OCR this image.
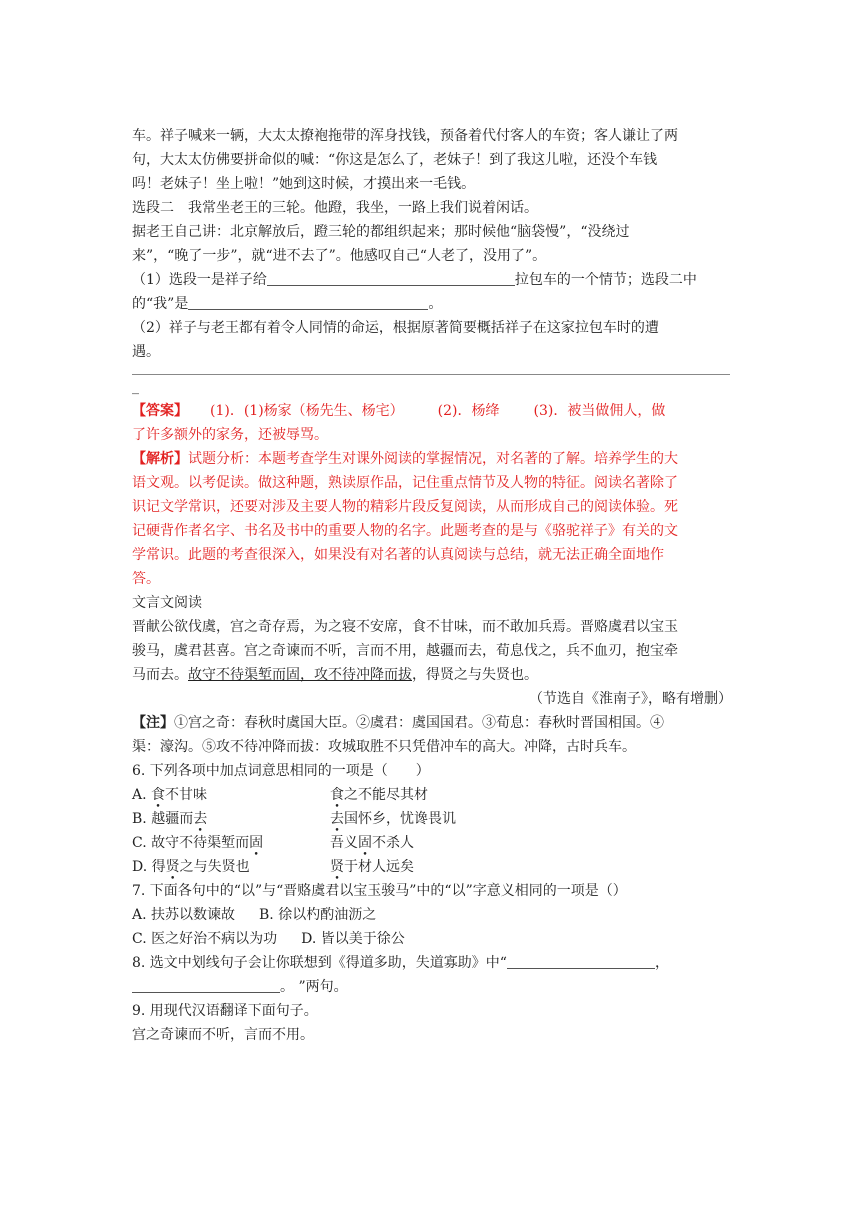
车。祥子喊来一辆，大太太撩袍拖带的浑身找钱，预备着代付客人的车资；客人谦让了两
句，大太太仿佛要拼命似的喊：“你这是怎么了，老妹子！到了我这儿啦，还没个车钱
吗！老妹子！坐上啦！”她到这时候，才摸出来一毛钱。
选段二　我常坐老王的三轮。他蹬，我坐，一路上我们说着闲话。
据老王自己讲：北京解放后，蹬三轮的都组织起来；那时候他“脑袋慢”，“没绕过
来”，“晚了一步”，就“进不去了”。他感叹自己“人老了，没用了”。
（1）选段一是祥子给	拉包车的一个情节；选段二中
的“我”是	。
（2）祥子与老王都有着令人同情的命运，根据原著简要概括祥子在这家拉包车时的遭
遇。
_
【答案】 (1)．(1)杨家（杨先生、杨宅） (2)．杨绛 (3)．被当做佣人，做
了许多额外的家务，还被辱骂。
【解析】试题分析：本题考查学生对课外阅读的掌握情况，对名著的了解。培养学生的大
语文观。以考促读。做这种题，熟读原作品，记住重点情节及人物的特征。阅读名著除了
识记文学常识，还要对涉及主要人物的精彩片段反复阅读，从而形成自己的阅读体验。死
记硬背作者名字、书名及书中的重要人物的名字。此题考查的是与《骆驼祥子》有关的文
学常识。此题的考查很深入，如果没有对名著的认真阅读与总结，就无法正确全面地作
答。
文言文阅读
晋献公欲伐虞，宫之奇存焉，为之寝不安席，食不甘味，而不敢加兵焉。晋赂虞君以宝玉
骏马，虞君甚喜。宫之奇谏而不听，言而不用，越疆而去，荀息伐之，兵不血刃，抱宝牵
马而去。故守不待渠堑而固，攻不待冲降而拔，得贤之与失贤也。
（节选自《淮南子》，略有增删）
【注】①宫之奇：春秋时虞国大臣。②虞君：虞国国君。③荀息：春秋时晋国相国。④
渠：濠沟。⑤攻不待冲降而拔：攻城取胜不只凭借冲车的高大。冲降，古时兵车。
6. 下列各项中加点词意思相同的一项是（　　）
A. 食不甘味	食之不能尽其材
B. 越疆而去	去国怀乡，忧谗畏讥
C. 故守不待渠堑而固	吾义固不杀人
D. 得贤之与失贤也	贤于材人远矣
7. 下面各句中的“以”与“晋赂虞君以宝玉骏马”中的“以”字意义相同的一项是（）
A. 扶苏以数谏故 B. 徐以杓酌油沥之
C. 医之好治不病以为功 D. 皆以美于徐公
8. 选文中划线句子会让你联想到《得道多助，失道寡助》中“	，
。 ”两句。
9. 用现代汉语翻译下面句子。
宫之奇谏而不听，言而不用。
